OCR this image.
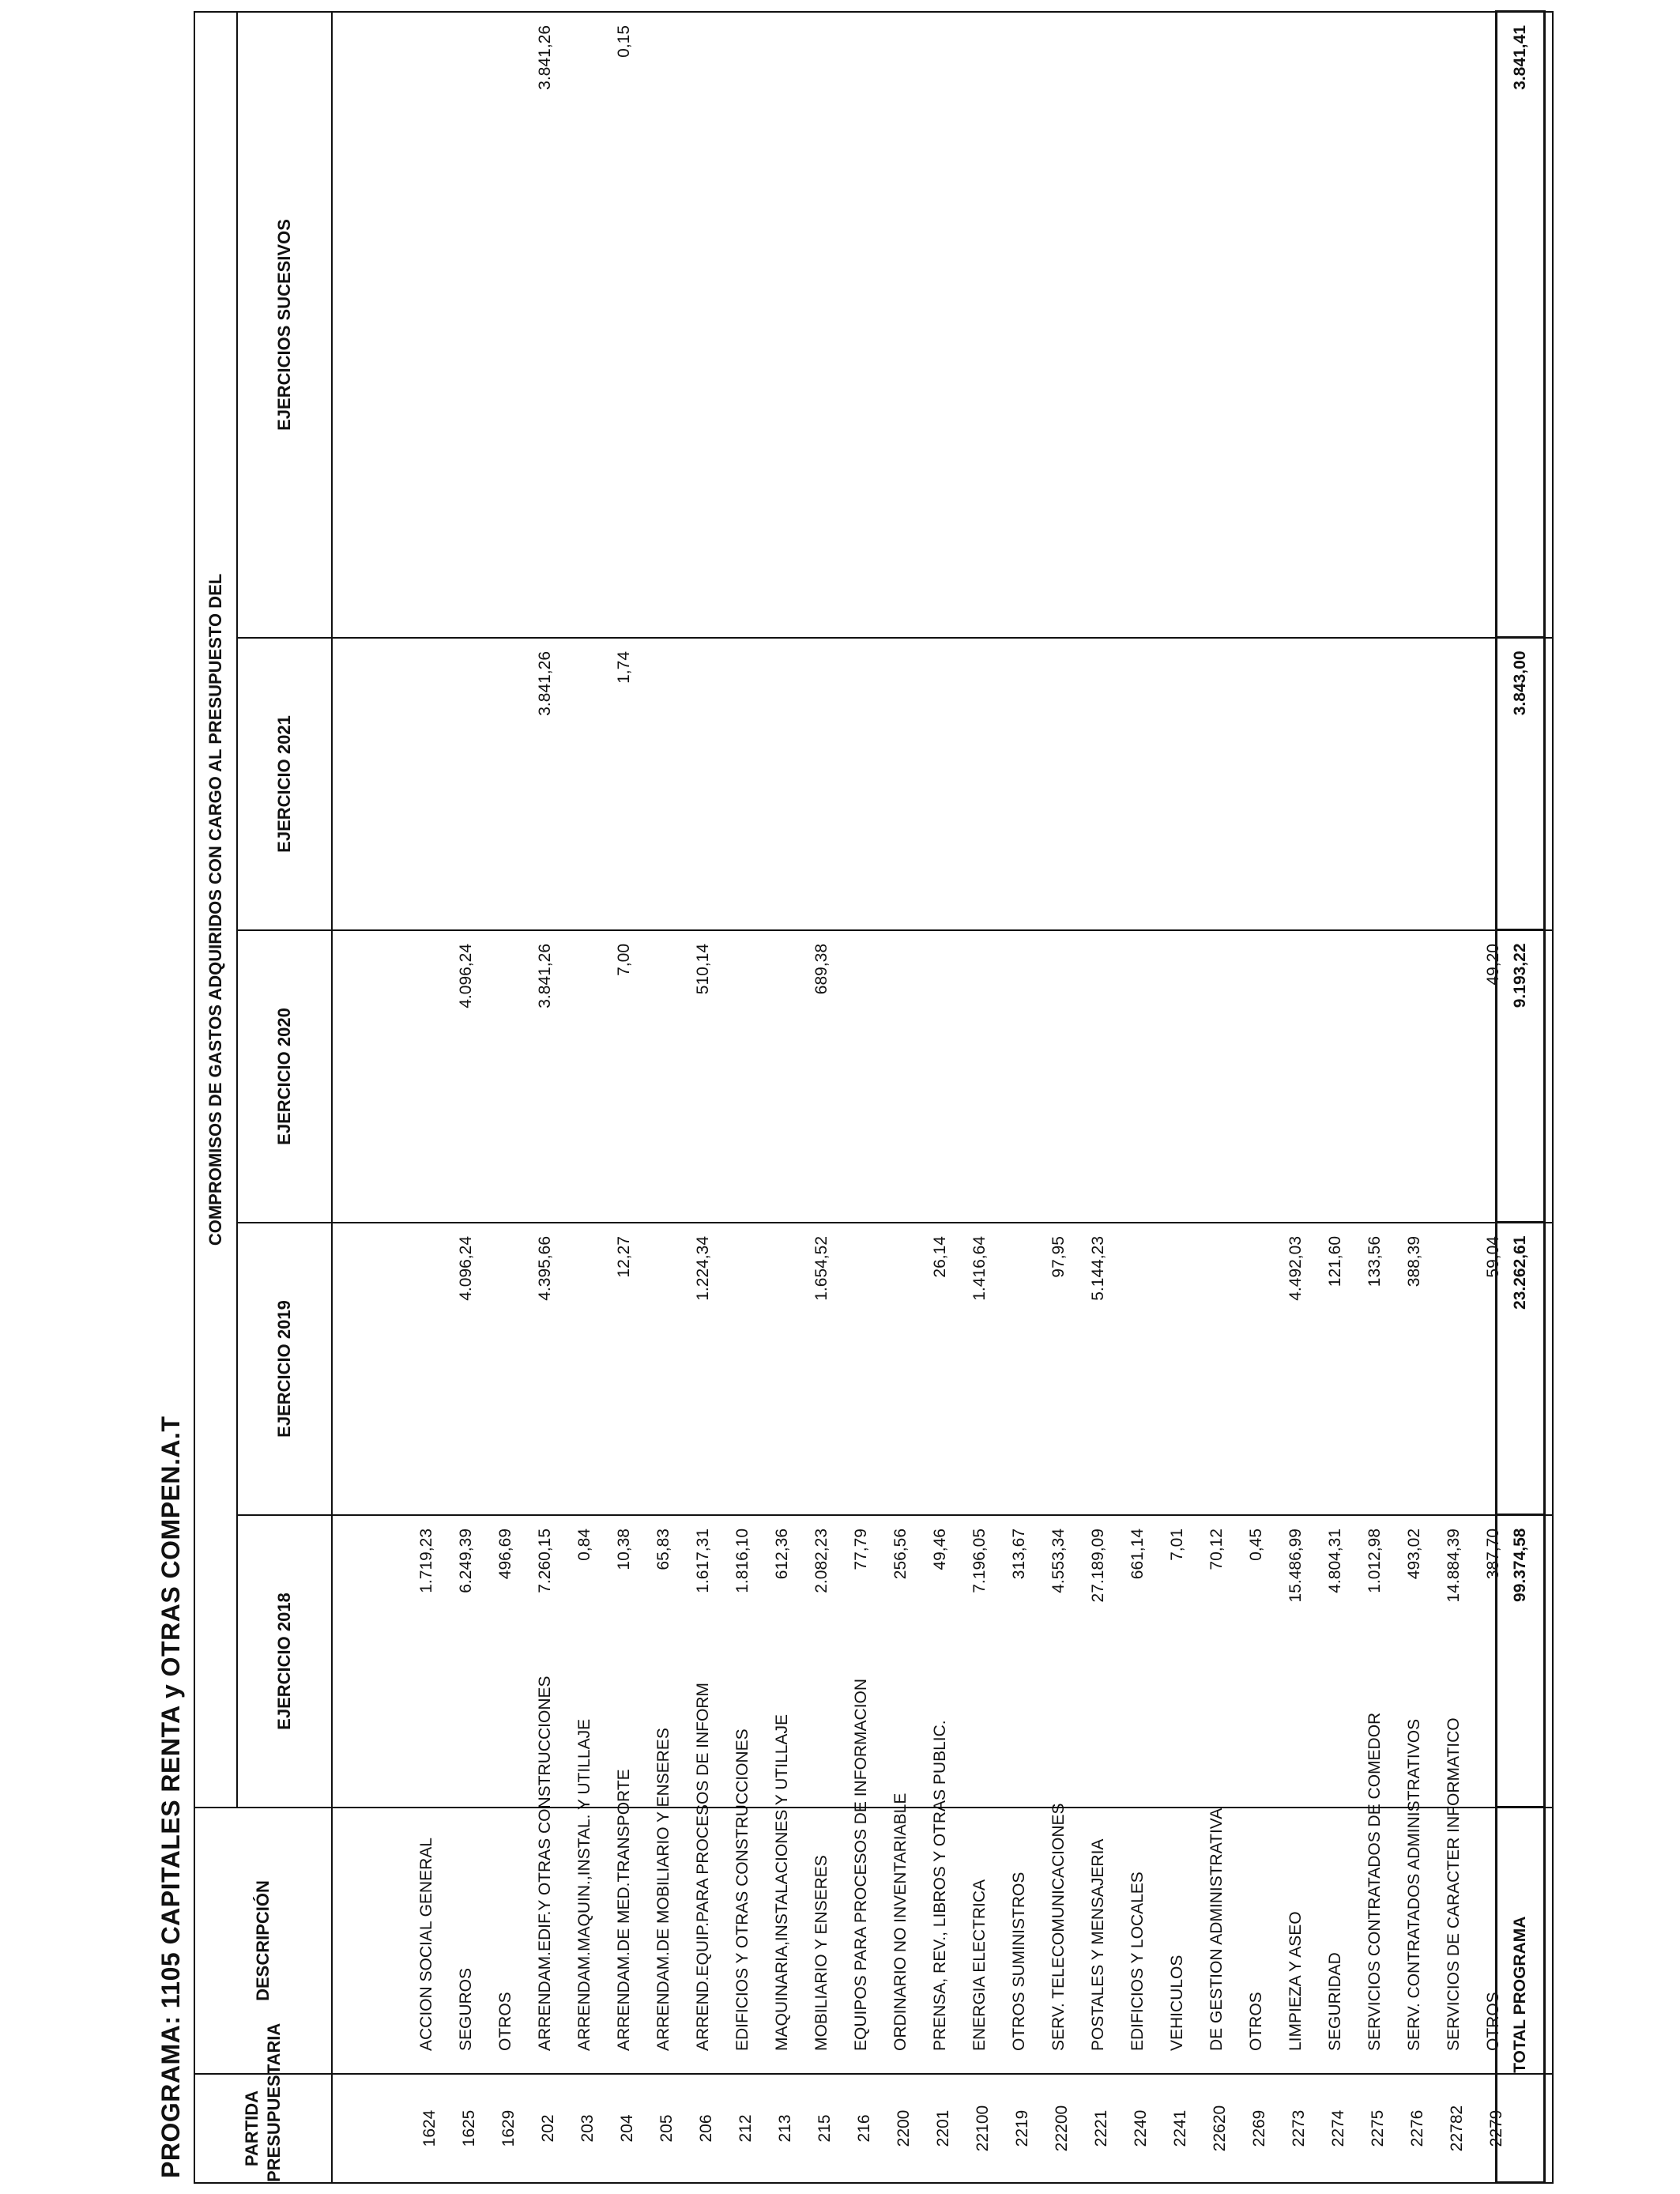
PROGRAMA: 1105 CAPITALES RENTA y OTRAS COMPEN.A.T	PARTIDA PRESUPUESTARIA	DESCRIPCIÓN	COMPROMISOS DE GASTOS ADQUIRIDOS CON CARGO AL PRESUPUESTO DEL				
		EJERCICIO 2018	EJERCICIO 2019	EJERCICIO 2020	EJERCICIO 2021	EJERCICIOS SUCESIVOS

1624	ACCION SOCIAL GENERAL	1.719,23				
1625	SEGUROS	6.249,39	4.096,24	4.096,24		
1629	OTROS	496,69				
202	ARRENDAM.EDIF.Y OTRAS CONSTRUCCIONES	7.260,15	4.395,66	3.841,26	3.841,26	3.841,26
203	ARRENDAM.MAQUIN.,INSTAL. Y UTILLAJE	0,84				
204	ARRENDAM.DE MED.TRANSPORTE	10,38	12,27	7,00	1,74	0,15
205	ARRENDAM.DE MOBILIARIO Y ENSERES	65,83				
206	ARREND.EQUIP.PARA PROCESOS DE INFORM	1.617,31	1.224,34	510,14		
212	EDIFICIOS Y OTRAS CONSTRUCCIONES	1.816,10				
213	MAQUINARIA,INSTALACIONES Y UTILLAJE	612,36				
215	MOBILIARIO Y ENSERES	2.082,23	1.654,52	689,38		
216	EQUIPOS PARA PROCESOS DE INFORMACION	77,79				
2200	ORDINARIO NO INVENTARIABLE	256,56				
2201	PRENSA, REV., LIBROS Y OTRAS PUBLIC.	49,46	26,14			
22100	ENERGIA ELECTRICA	7.196,05	1.416,64			
2219	OTROS SUMINISTROS	313,67				
22200	SERV. TELECOMUNICACIONES	4.553,34	97,95			
2221	POSTALES Y MENSAJERIA	27.189,09	5.144,23			
2240	EDIFICIOS Y LOCALES	661,14				
2241	VEHICULOS	7,01				
22620	DE GESTION ADMINISTRATIVA	70,12				
2269	OTROS	0,45				
2273	LIMPIEZA Y ASEO	15.486,99	4.492,03			
2274	SEGURIDAD	4.804,31	121,60			
2275	SERVICIOS CONTRATADOS DE COMEDOR	1.012,98	133,56			
2276	SERV. CONTRATADOS ADMINISTRATIVOS	493,02	388,39			
22782	SERVICIOS DE CARACTER INFORMATICO	14.884,39				
2279	OTROS	387,70	59,04	49,20		

TOTAL PROGRAMA	99.374,58	23.262,61	9.193,22	3.843,00	3.841,41
